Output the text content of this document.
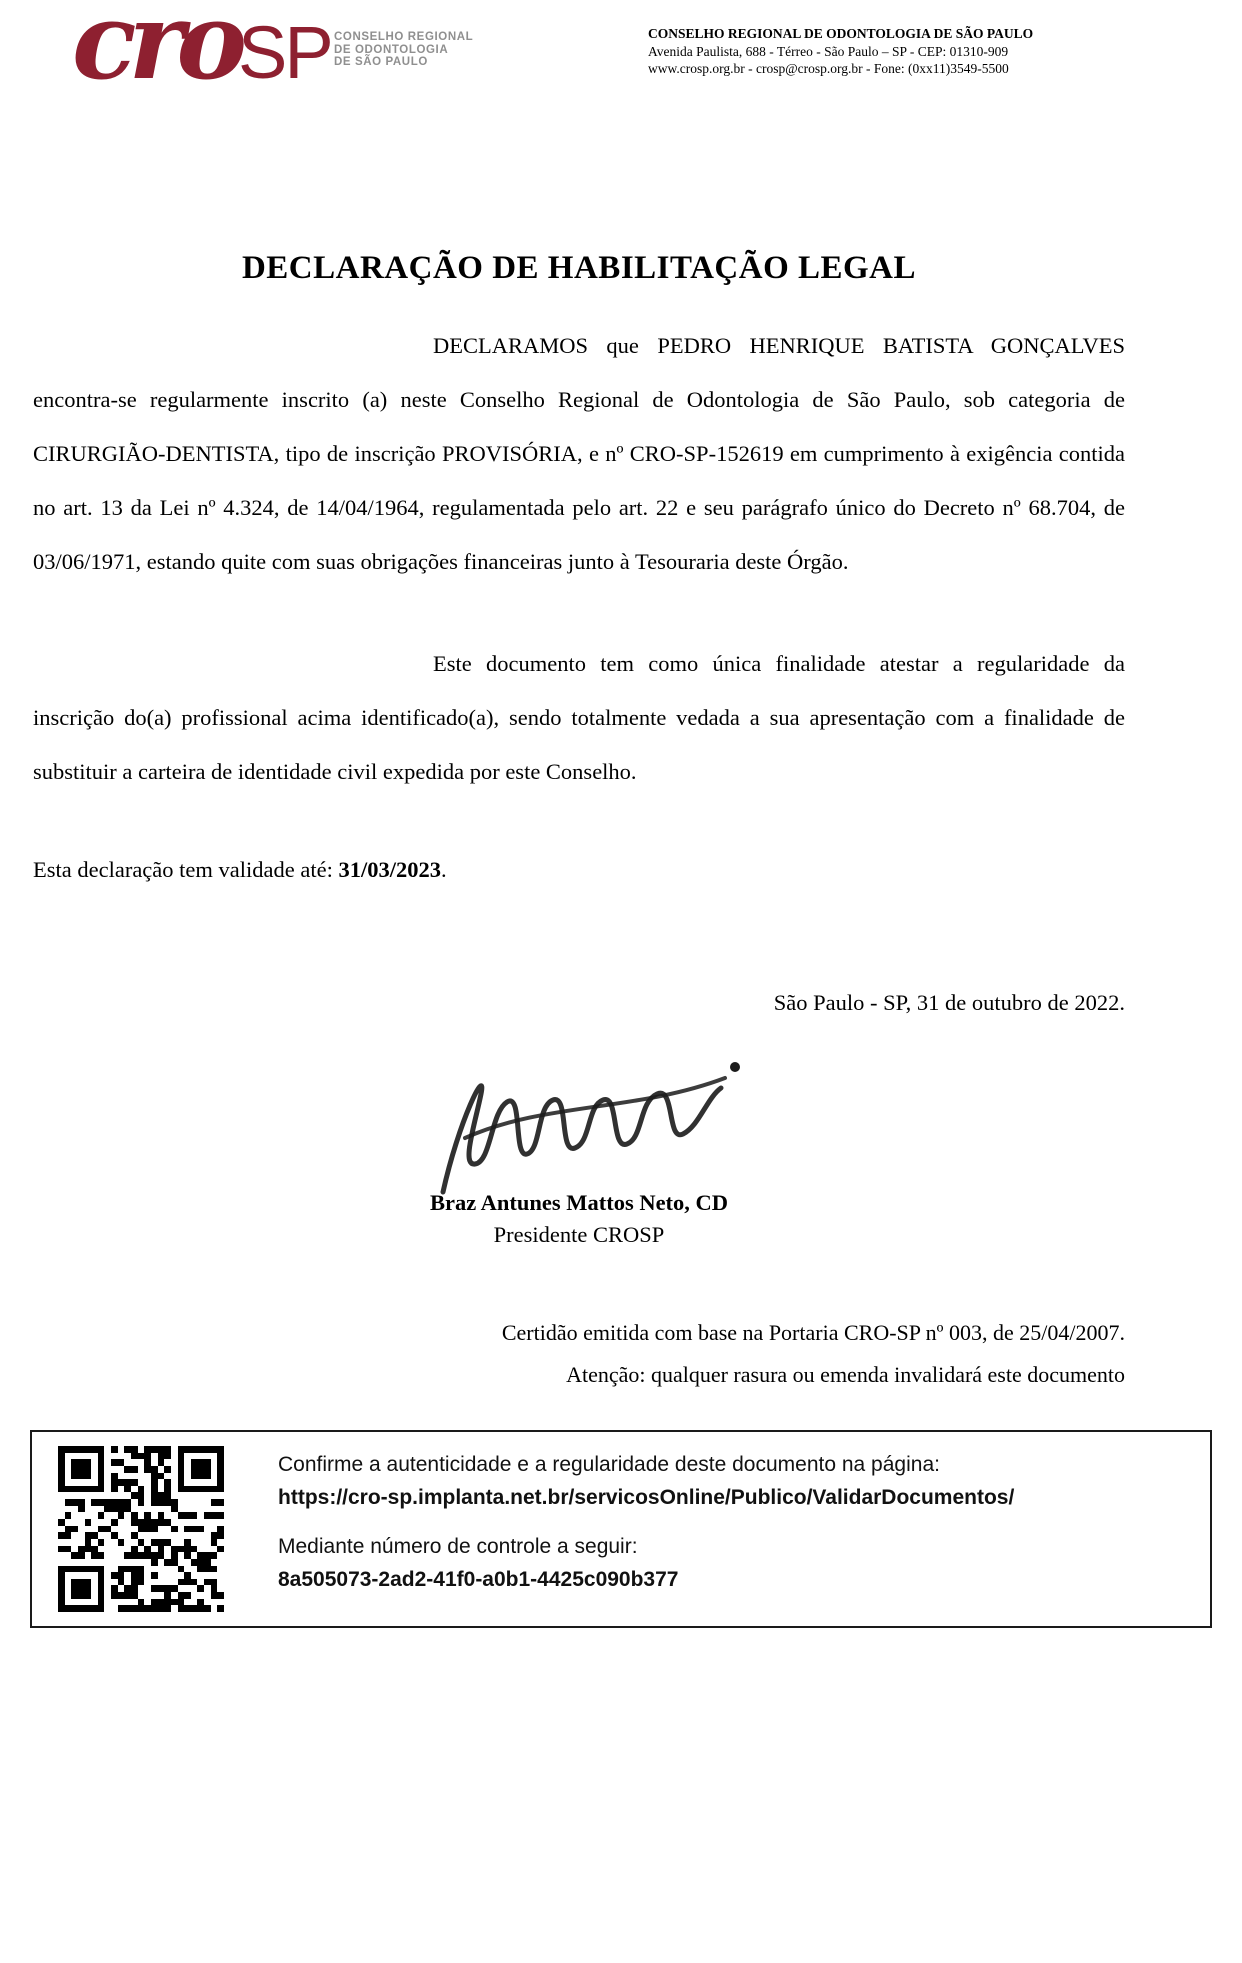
cro
SP CONSELHO REGIONAL
DE ODONTOLOGIA
DE SÃO PAULO
CONSELHO REGIONAL DE ODONTOLOGIA DE SÃO PAULO
Avenida Paulista, 688 - Térreo - São Paulo – SP - CEP: 01310-909
www.crosp.org.br - crosp@crosp.org.br - Fone: (0xx11)3549-5500
DECLARAÇÃO DE HABILITAÇÃO LEGAL

DECLARAMOS que PEDRO HENRIQUE BATISTA GONÇALVES encontra-se regularmente inscrito (a) neste Conselho Regional de Odontologia de São Paulo, sob categoria de CIRURGIÃO-DENTISTA, tipo de inscrição PROVISÓRIA, e nº CRO-SP-152619 em cumprimento à exigência contida no art. 13 da Lei nº 4.324, de 14/04/1964, regulamentada pelo art. 22 e seu parágrafo único do Decreto nº 68.704, de 03/06/1971, estando quite com suas obrigações financeiras junto à Tesouraria deste Órgão.

Este documento tem como única finalidade atestar a regularidade da inscrição do(a) profissional acima identificado(a), sendo totalmente vedada a sua apresentação com a finalidade de substituir a carteira de identidade civil expedida por este Conselho.

Esta declaração tem validade até: 31/03/2023.

São Paulo - SP, 31 de outubro de 2022.

Braz Antunes Mattos Neto, CD
Presidente CROSP
Certidão emitida com base na Portaria CRO-SP nº 003, de 25/04/2007.
Atenção: qualquer rasura ou emenda invalidará este documento
Confirme a autenticidade e a regularidade deste documento na página:
https://cro-sp.implanta.net.br/servicosOnline/Publico/ValidarDocumentos/
Mediante número de controle a seguir:
8a505073-2ad2-41f0-a0b1-4425c090b377
